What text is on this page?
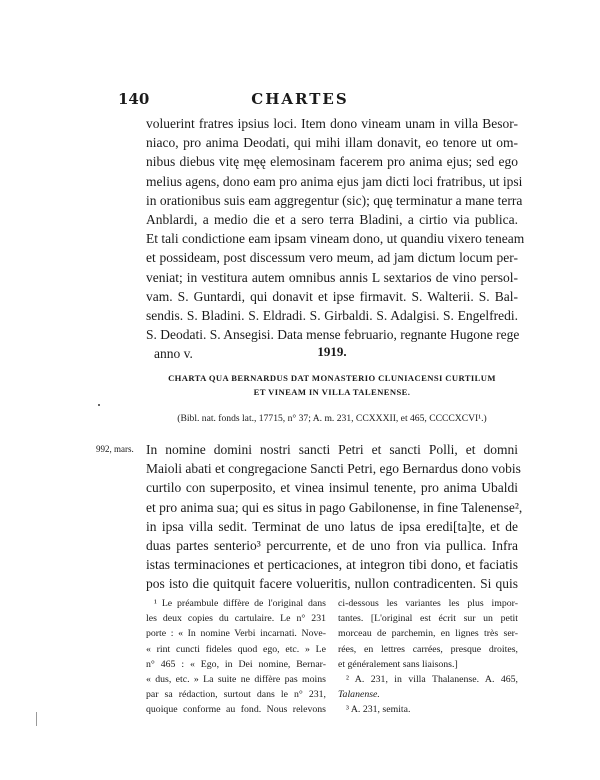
140	CHARTES
voluerint fratres ipsius loci. Item dono vineam unam in villa Besor-
niaco, pro anima Deodati, qui mihi illam donavit, eo tenore ut om-
nibus diebus vitę męę elemosinam facerem pro anima ejus; sed ego
melius agens, dono eam pro anima ejus jam dicti loci fratribus, ut ipsi
in orationibus suis eam aggregentur (sic); quę terminatur a mane terra
Anblardi, a medio die et a sero terra Bladini, a cirtio via publica.
Et tali condictione eam ipsam vineam dono, ut quandiu vixero teneam
et possideam, post discessum vero meum, ad jam dictum locum per-
veniat; in vestitura autem omnibus annis L sextarios de vino persol-
vam. S. Guntardi, qui donavit et ipse firmavit. S. Walterii. S. Bal-
sendis. S. Bladini. S. Eldradi. S. Girbaldi. S. Adalgisi. S. Engelfredi.
S. Deodati. S. Ansegisi. Data mense februario, regnante Hugone rege
anno v.	1919.
CHARTA QUA BERNARDUS DAT MONASTERIO CLUNIACENSI CURTILUM
ET VINEAM IN VILLA TALENENSE.
(Bibl. nat. fonds lat., 17715, n° 37; A. m. 231, CCXXXII, et 465, CCCCXCVI¹.)
992, mars. In nomine domini nostri sancti Petri et sancti Polli, et domni
Maioli abati et congregacione Sancti Petri, ego Bernardus dono vobis
curtilo con superposito, et vinea insimul tenente, pro anima Ubaldi
et pro anima sua; qui es situs in pago Gabilonense, in fine Talenense²,
in ipsa villa sedit. Terminat de uno latus de ipsa eredi[ta]te, et de
duas partes senterio³ percurrente, et de uno fron via pullica. Infra
istas terminaciones et perticaciones, at integron tibi dono, et faciatis
pos isto die quitquit facere volueritis, nullon contradicenten. Si quis
¹ Le préambule diffère de l'original dans
les deux copies du cartulaire. Le n° 231
porte : « In nomine Verbi incarnati. Nove-
« rint cuncti fideles quod ego, etc. » Le
n° 465 : « Ego, in Dei nomine, Bernar-
« dus, etc. » La suite ne diffère pas moins
par sa rédaction, surtout dans le n° 231,
quoique conforme au fond. Nous relevons
ci-dessous les variantes les plus impor-
tantes. [L'original est écrit sur un petit
morceau de parchemin, en lignes très ser-
rées, en lettres carrées, presque droites,
et généralement sans liaisons.]
² A. 231, in villa Thalanense. A. 465,
Talanense.
³ A. 231, semita.
